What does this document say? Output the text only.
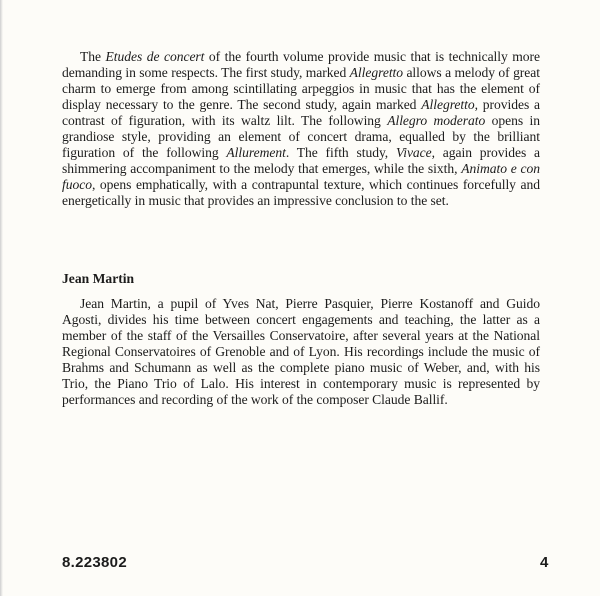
The Etudes de concert of the fourth volume provide music that is technically more demanding in some respects. The first study, marked Allegretto allows a melody of great charm to emerge from among scintillating arpeggios in music that has the element of display necessary to the genre. The second study, again marked Allegretto, provides a contrast of figuration, with its waltz lilt. The following Allegro moderato opens in grandiose style, providing an element of concert drama, equalled by the brilliant figuration of the following Allurement. The fifth study, Vivace, again provides a shimmering accompaniment to the melody that emerges, while the sixth, Animato e con fuoco, opens emphatically, with a contrapuntal texture, which continues forcefully and energetically in music that provides an impressive conclusion to the set.

Jean Martin

Jean Martin, a pupil of Yves Nat, Pierre Pasquier, Pierre Kostanoff and Guido Agosti, divides his time between concert engagements and teaching, the latter as a member of the staff of the Versailles Conservatoire, after several years at the National Regional Conservatoires of Grenoble and of Lyon. His recordings include the music of Brahms and Schumann as well as the complete piano music of Weber, and, with his Trio, the Piano Trio of Lalo. His interest in contemporary music is represented by performances and recording of the work of the composer Claude Ballif.

8.223802	4
